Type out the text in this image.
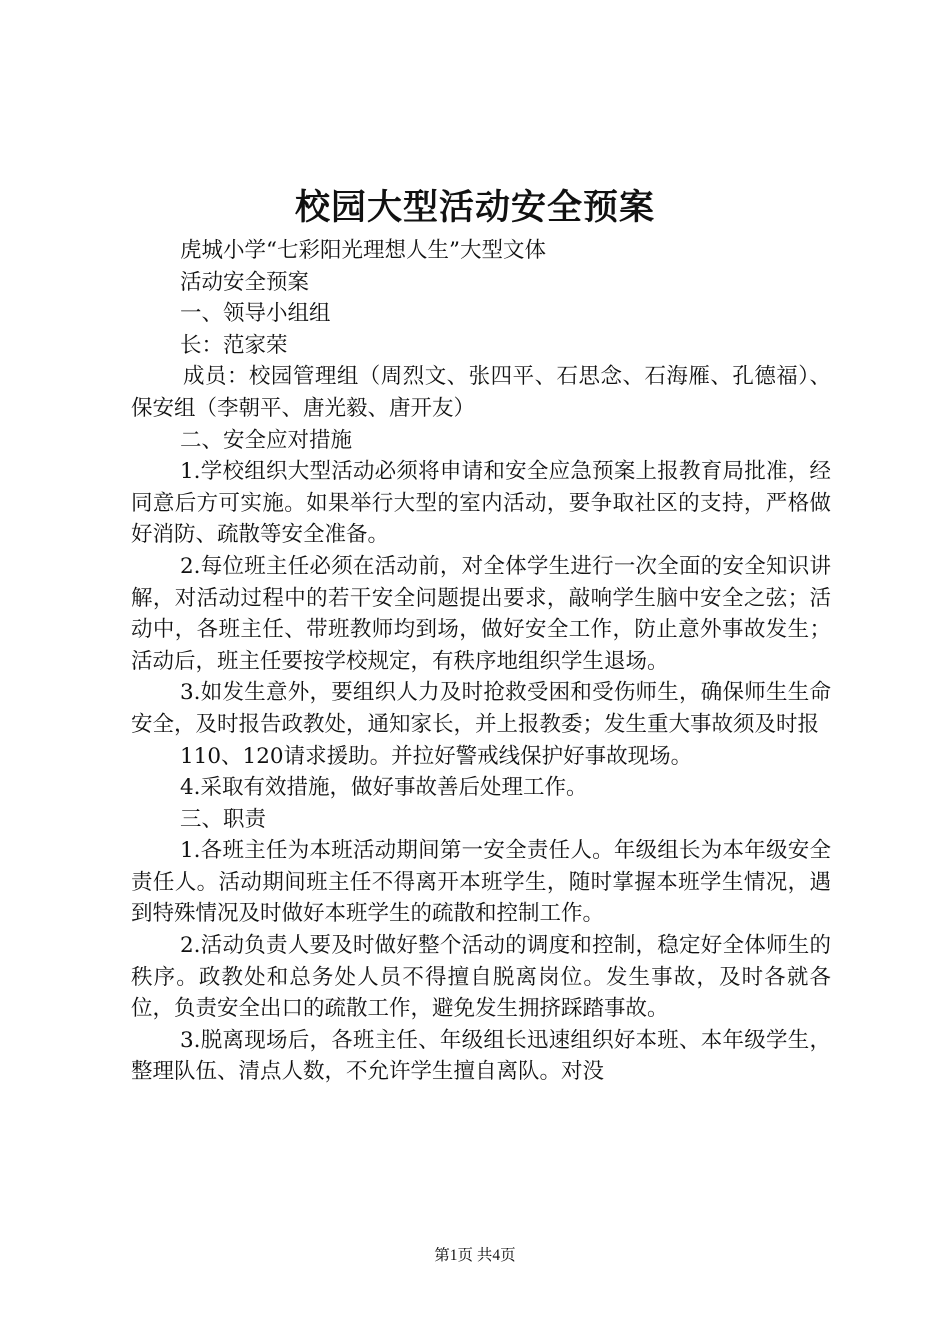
校园大型活动安全预案

虎城小学“七彩阳光理想人生”大型文体

活动安全预案

一、领导小组组

长：范家荣

成员：校园管理组（周烈文、张四平、石思念、石海雁、孔德福）、保安组（李朝平、唐光毅、唐开友）

二、安全应对措施

1.学校组织大型活动必须将申请和安全应急预案上报教育局批准，经同意后方可实施。如果举行大型的室内活动，要争取社区的支持，严格做好消防、疏散等安全准备。

2.每位班主任必须在活动前，对全体学生进行一次全面的安全知识讲解，对活动过程中的若干安全问题提出要求，敲响学生脑中安全之弦；活动中，各班主任、带班教师均到场，做好安全工作，防止意外事故发生；活动后，班主任要按学校规定，有秩序地组织学生退场。

3.如发生意外，要组织人力及时抢救受困和受伤师生，确保师生生命安全，及时报告政教处，通知家长，并上报教委；发生重大事故须及时报

110、120请求援助。并拉好警戒线保护好事故现场。

4.采取有效措施，做好事故善后处理工作。

三、职责

1.各班主任为本班活动期间第一安全责任人。年级组长为本年级安全责任人。活动期间班主任不得离开本班学生，随时掌握本班学生情况，遇到特殊情况及时做好本班学生的疏散和控制工作。

2.活动负责人要及时做好整个活动的调度和控制，稳定好全体师生的秩序。政教处和总务处人员不得擅自脱离岗位。发生事故，及时各就各位，负责安全出口的疏散工作，避免发生拥挤踩踏事故。

3.脱离现场后，各班主任、年级组长迅速组织好本班、本年级学生，整理队伍、清点人数，不允许学生擅自离队。对没

第1页 共4页
